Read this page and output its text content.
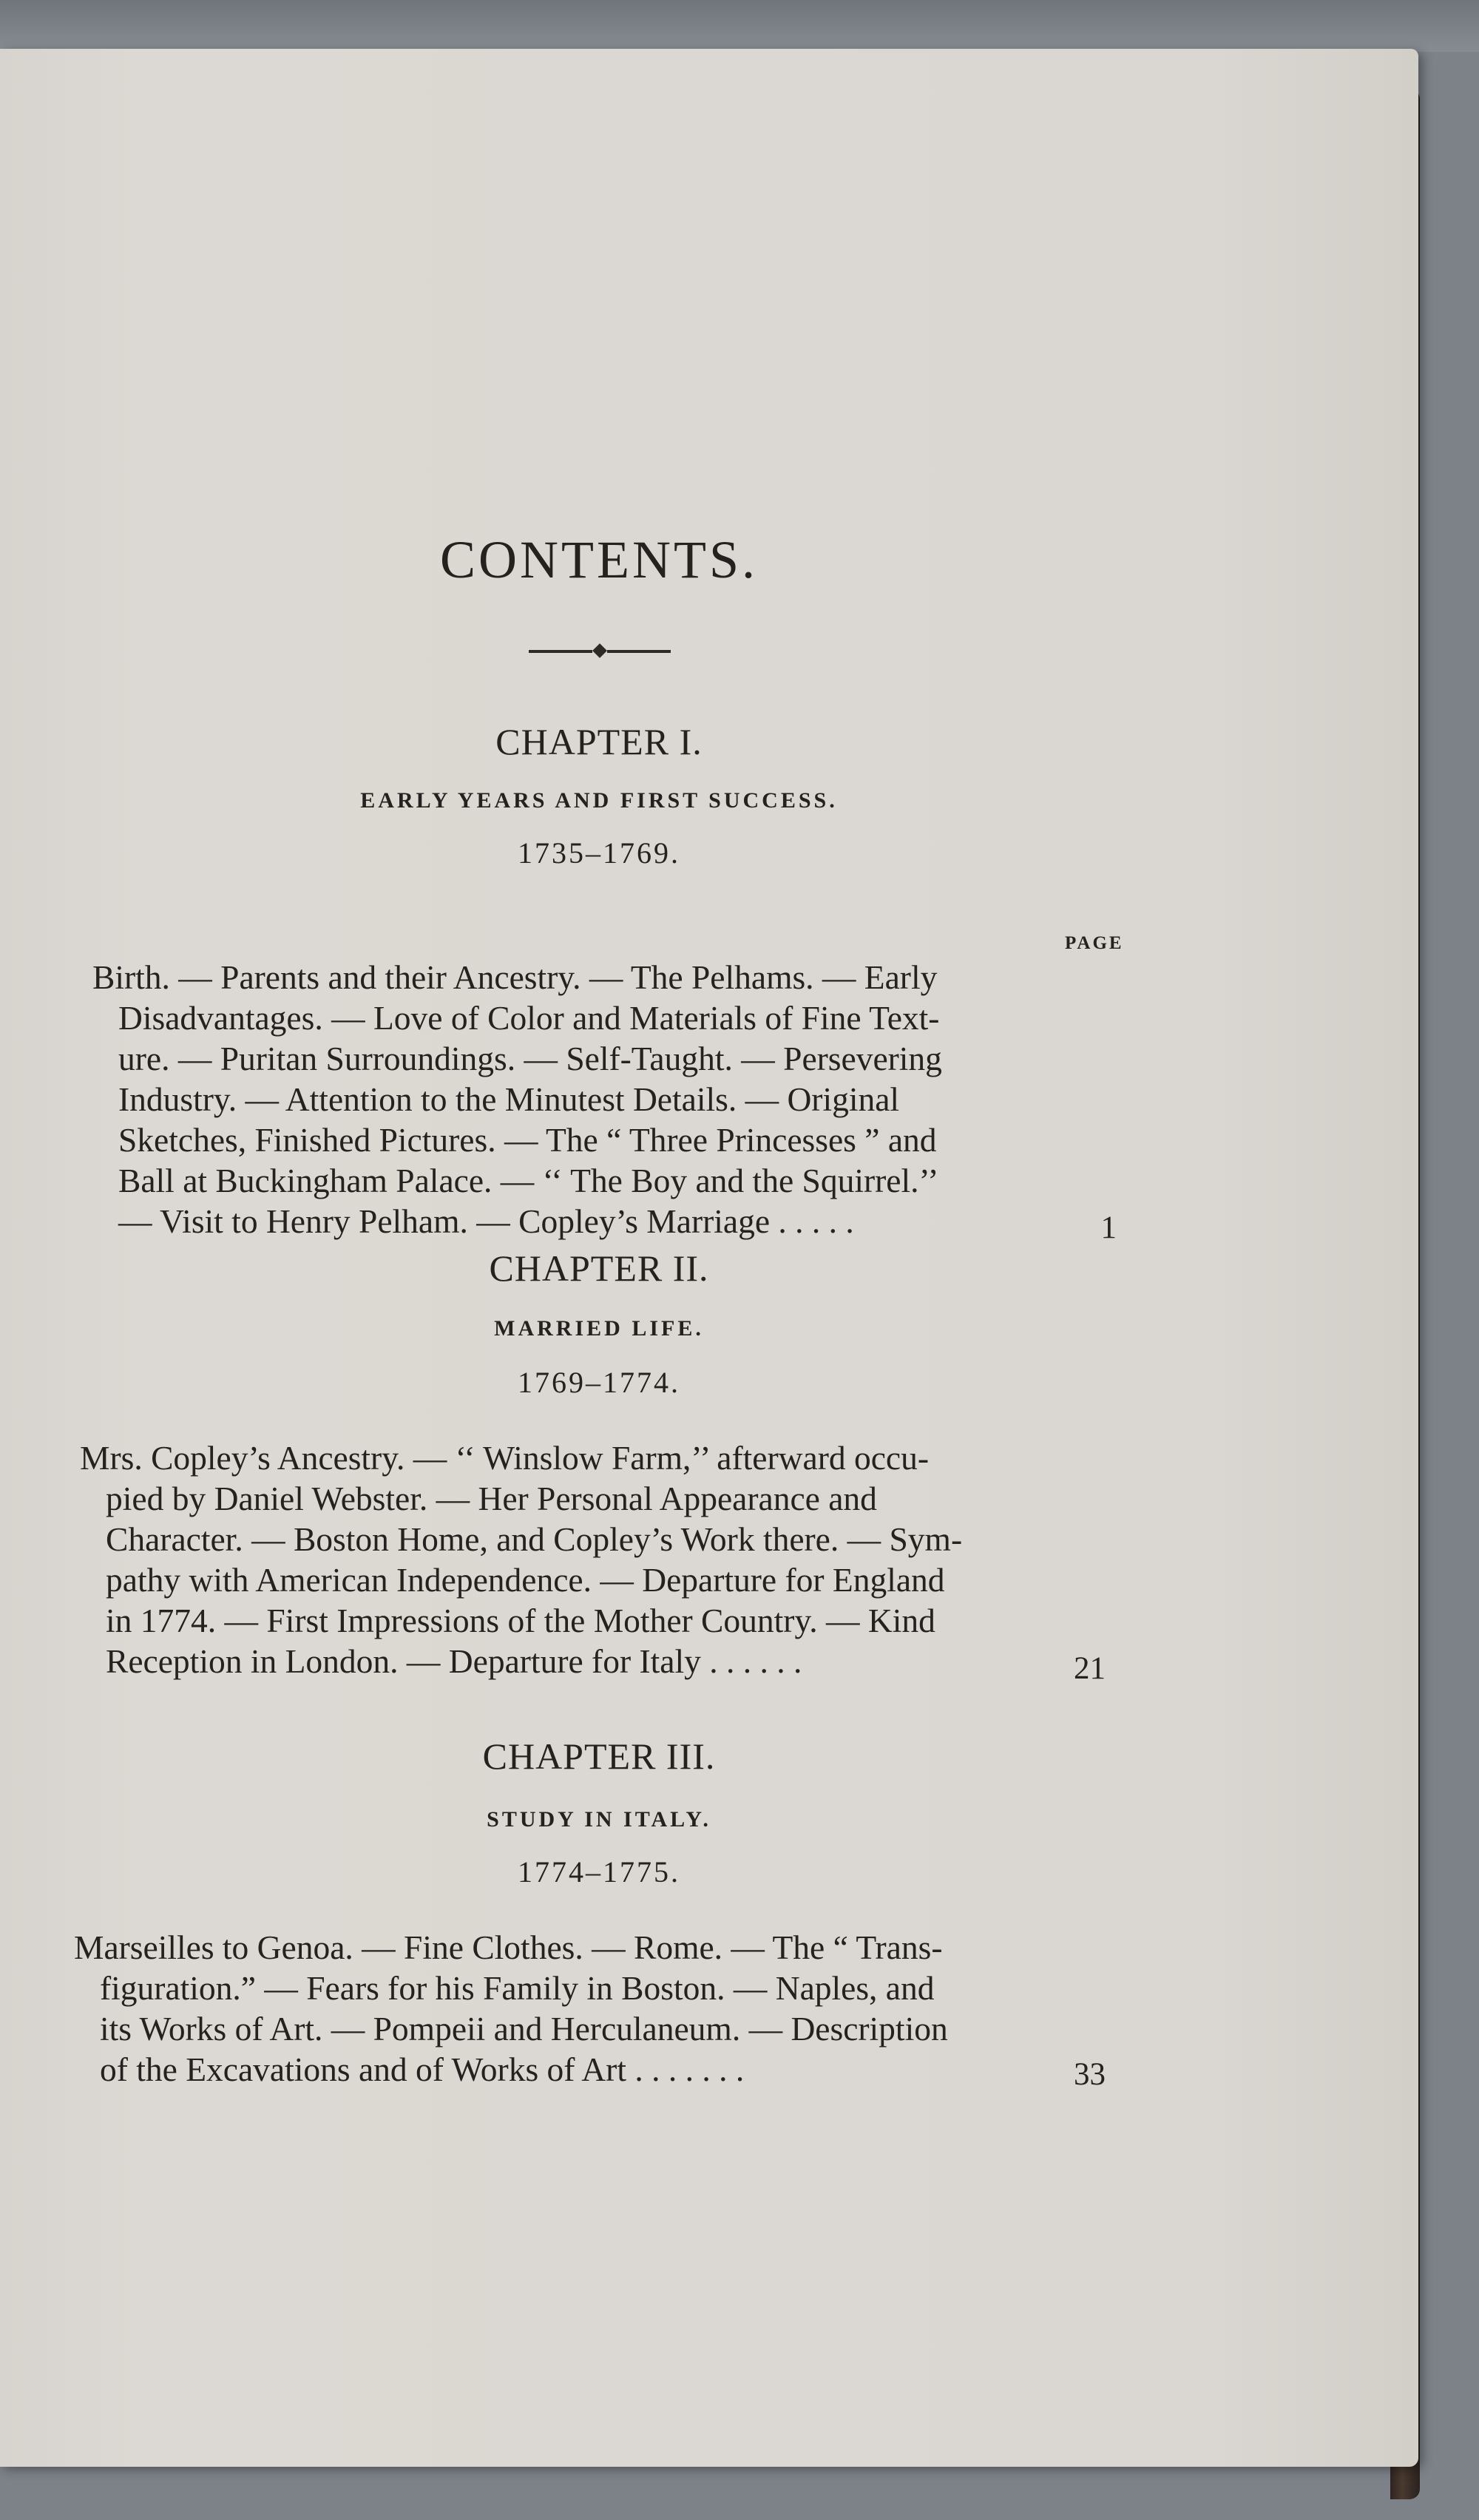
CONTENTS.
PAGE
CHAPTER I.
EARLY YEARS AND FIRST SUCCESS.
1735–1769.
Birth. — Parents and their Ancestry. — The Pelhams. — Early
Disadvantages. — Love of Color and Materials of Fine Text-
ure. — Puritan Surroundings. — Self-Taught. — Persevering
Industry. — Attention to the Minutest Details. — Original
Sketches, Finished Pictures. — The “ Three Princesses ” and
Ball at Buckingham Palace. — ‘‘ The Boy and the Squirrel.’’
— Visit to Henry Pelham. — Copley’s Marriage . . . . .	1
CHAPTER II.
MARRIED LIFE.
1769–1774.
Mrs. Copley’s Ancestry. — ‘‘ Winslow Farm,’’ afterward occu-
pied by Daniel Webster. — Her Personal Appearance and
Character. — Boston Home, and Copley’s Work there. — Sym-
pathy with American Independence. — Departure for England
in 1774. — First Impressions of the Mother Country. — Kind
Reception in London. — Departure for Italy . . . . . .	21
CHAPTER III.
STUDY IN ITALY.
1774–1775.
Marseilles to Genoa. — Fine Clothes. — Rome. — The “ Trans-
figuration.” — Fears for his Family in Boston. — Naples, and
its Works of Art. — Pompeii and Herculaneum. — Description
of the Excavations and of Works of Art . . . . . . .	33
